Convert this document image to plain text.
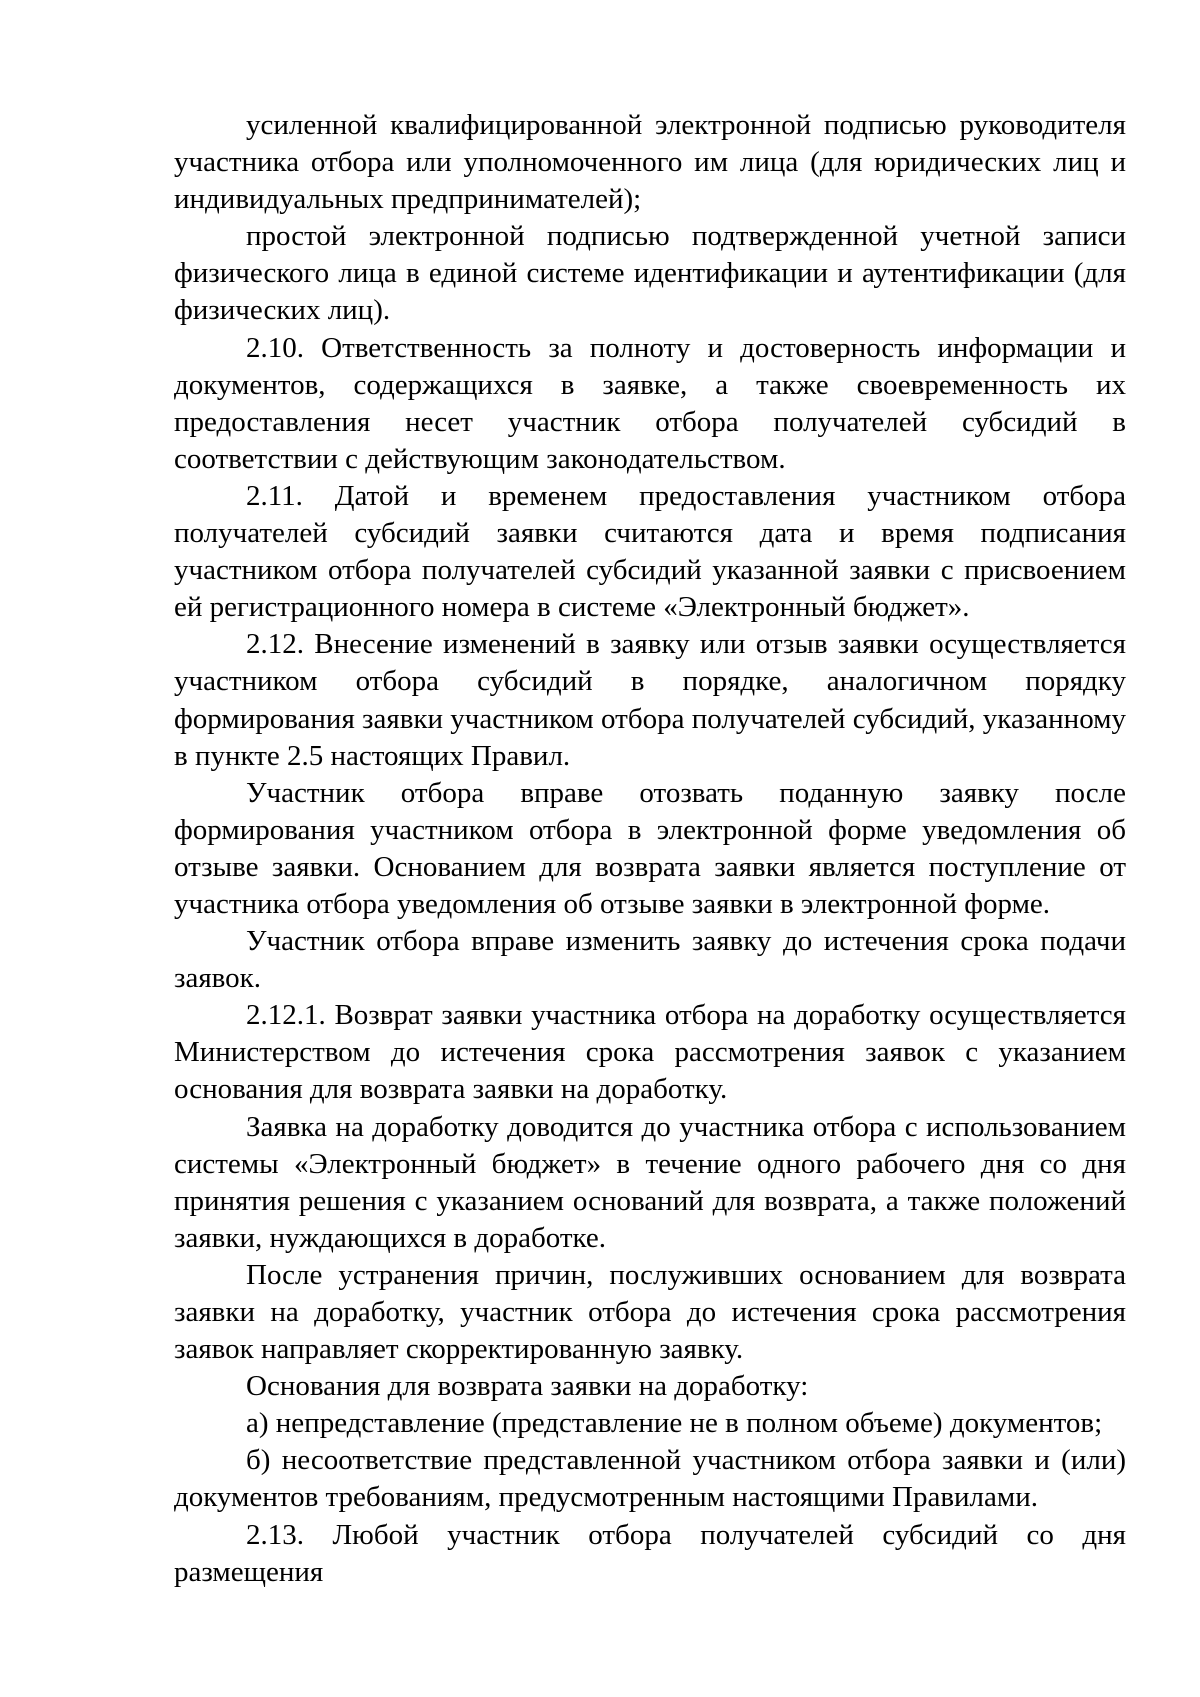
усиленной квалифицированной электронной подписью руководителя участника отбора или уполномоченного им лица (для юридических лиц и индивидуальных предпринимателей);

простой электронной подписью подтвержденной учетной записи физического лица в единой системе идентификации и аутентификации (для физических лиц).

2.10. Ответственность за полноту и достоверность информации и документов, содержащихся в заявке, а также своевременность их предоставления несет участник отбора получателей субсидий в соответствии с действующим законодательством.

2.11. Датой и временем предоставления участником отбора получателей субсидий заявки считаются дата и время подписания участником отбора получателей субсидий указанной заявки с присвоением ей регистрационного номера в системе «Электронный бюджет».

2.12. Внесение изменений в заявку или отзыв заявки осуществляется участником отбора субсидий в порядке, аналогичном порядку формирования заявки участником отбора получателей субсидий, указанному в пункте 2.5 настоящих Правил.

Участник отбора вправе отозвать поданную заявку после формирования участником отбора в электронной форме уведомления об отзыве заявки. Основанием для возврата заявки является поступление от участника отбора уведомления об отзыве заявки в электронной форме.

Участник отбора вправе изменить заявку до истечения срока подачи заявок.

2.12.1. Возврат заявки участника отбора на доработку осуществляется Министерством до истечения срока рассмотрения заявок с указанием основания для возврата заявки на доработку.

Заявка на доработку доводится до участника отбора с использованием системы «Электронный бюджет» в течение одного рабочего дня со дня принятия решения с указанием оснований для возврата, а также положений заявки, нуждающихся в доработке.

После устранения причин, послуживших основанием для возврата заявки на доработку, участник отбора до истечения срока рассмотрения заявок направляет скорректированную заявку.

Основания для возврата заявки на доработку:

а) непредставление (представление не в полном объеме) документов;

б) несоответствие представленной участником отбора заявки и (или) документов требованиям, предусмотренным настоящими Правилами.

2.13. Любой участник отбора получателей субсидий со дня размещения
